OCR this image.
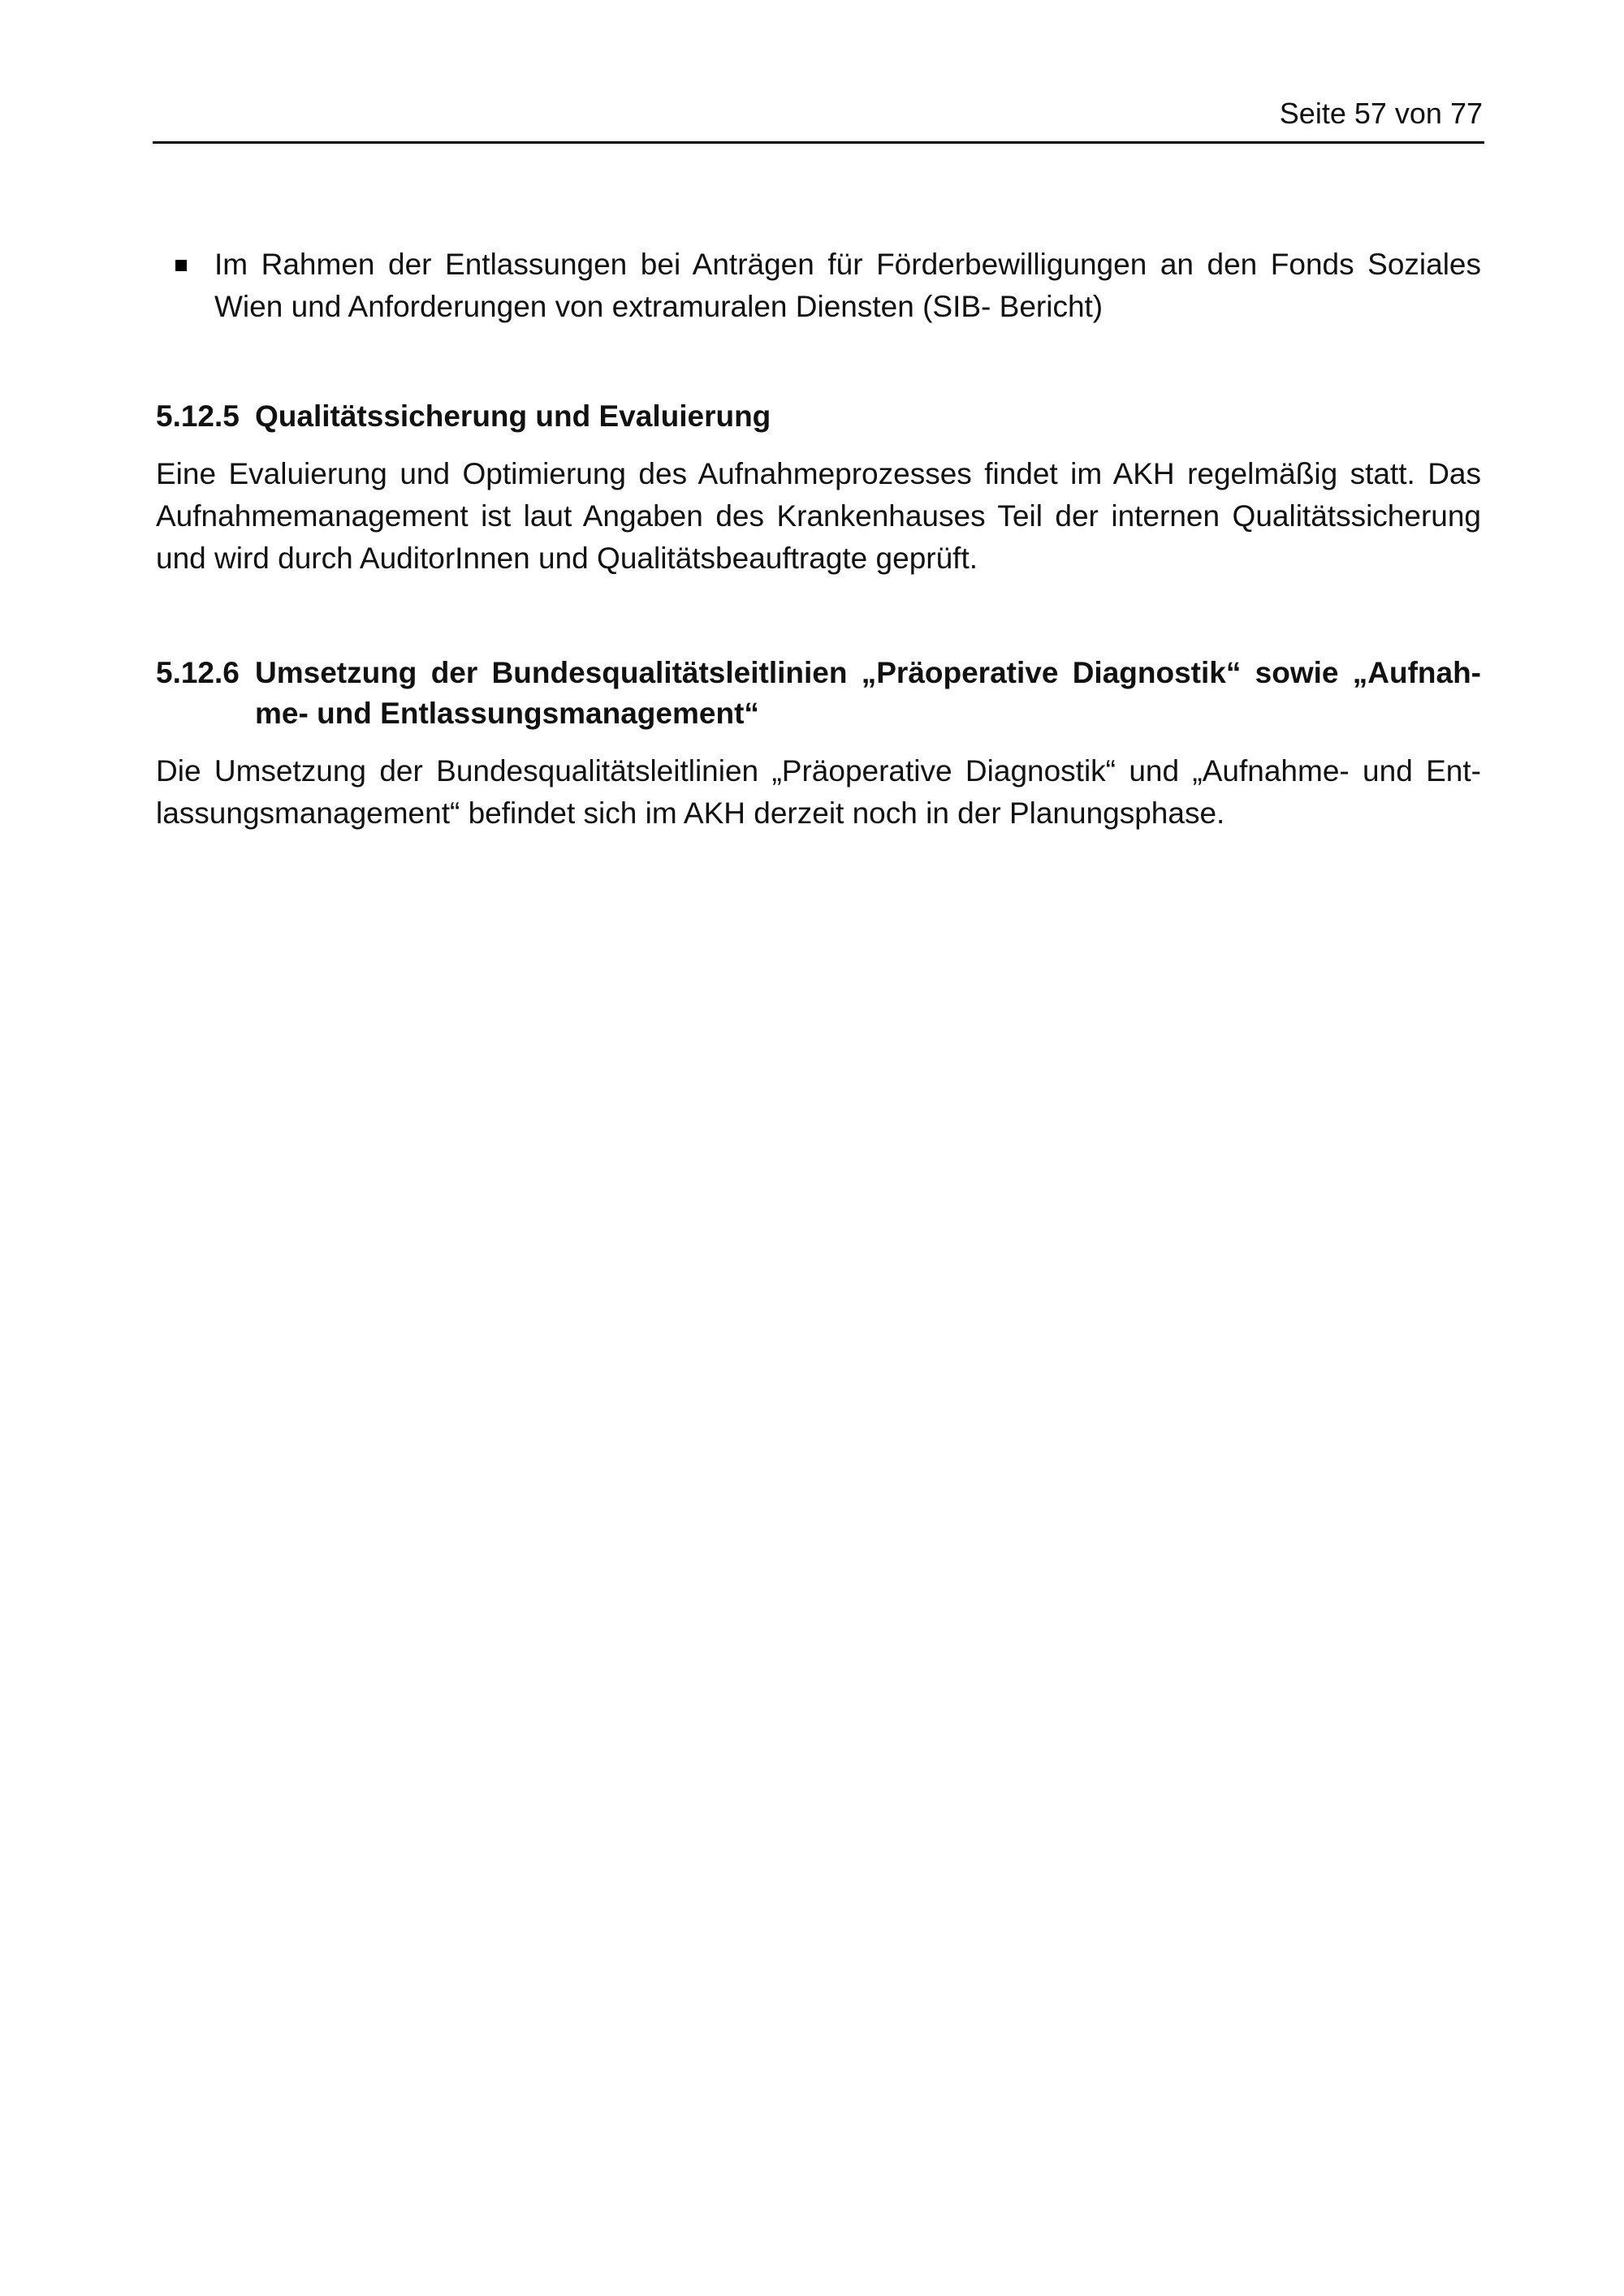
Seite 57 von 77

Im Rahmen der Entlassungen bei Anträgen für Förderbewilligungen an den Fonds Soziales Wien und Anforderungen von extramuralen Diensten (SIB- Bericht)

5.12.5 Qualitätssicherung und Evaluierung

Eine Evaluierung und Optimierung des Aufnahmeprozesses findet im AKH regelmäßig statt. Das Aufnahmemanagement ist laut Angaben des Krankenhauses Teil der internen Qualitätssicherung und wird durch AuditorInnen und Qualitätsbeauftragte geprüft.

5.12.6 Umsetzung der Bundesqualitätsleitlinien „Präoperative Diagnostik“ sowie „Aufnahme- und Entlassungsmanagement“

Die Umsetzung der Bundesqualitätsleitlinien „Präoperative Diagnostik“ und „Aufnahme- und Entlassungsmanagement“ befindet sich im AKH derzeit noch in der Planungsphase.
